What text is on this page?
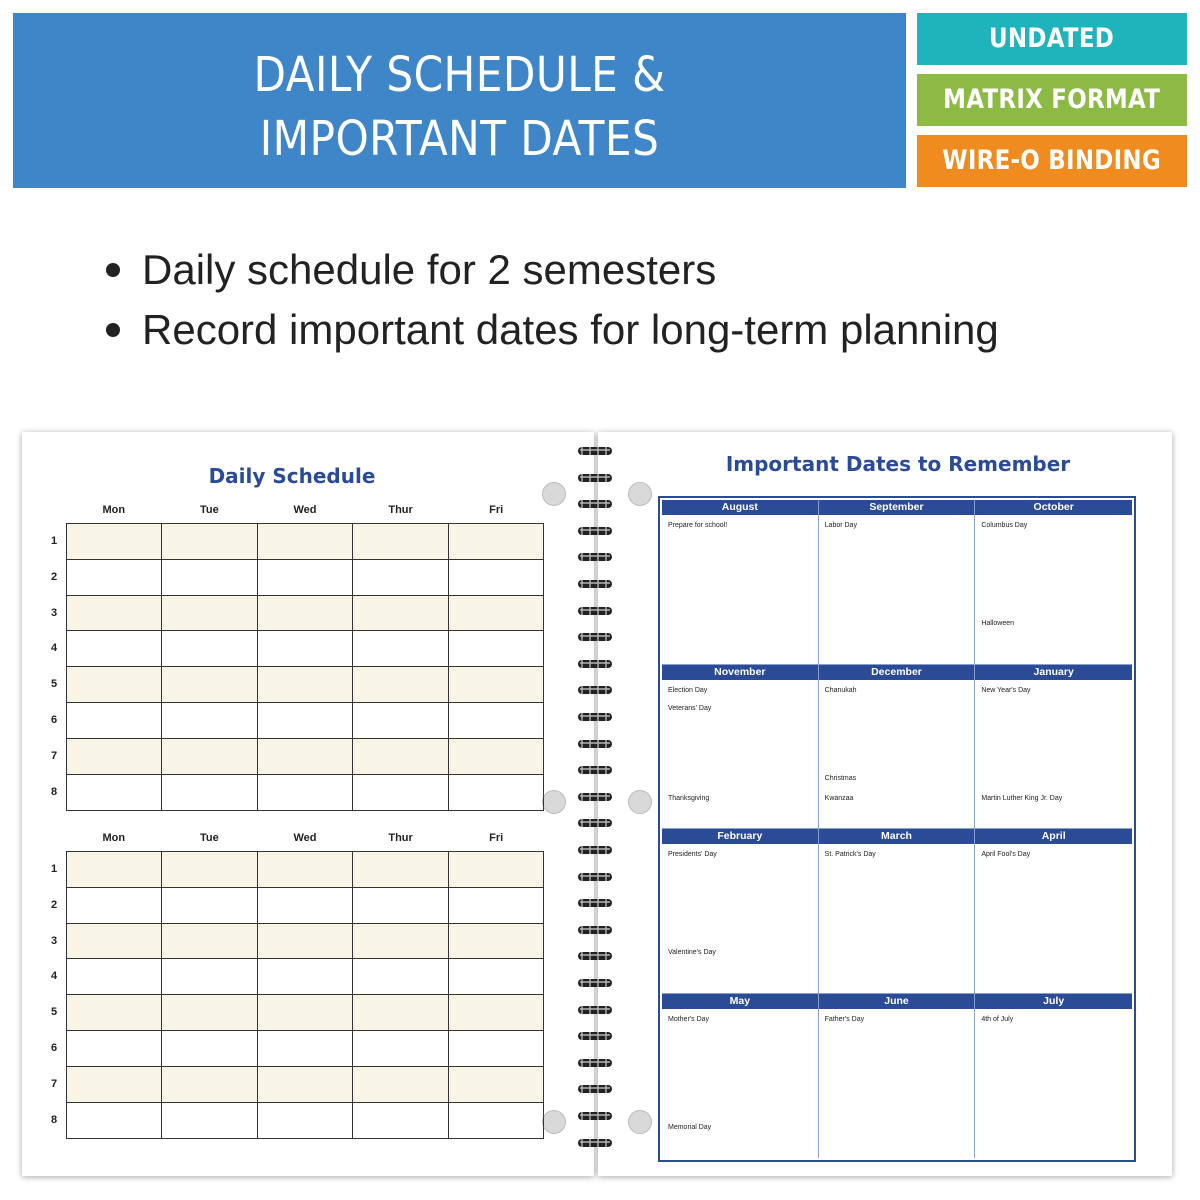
DAILY SCHEDULE &
IMPORTANT DATES
UNDATED
MATRIX FORMAT
WIRE-O BINDING
Daily schedule for 2 semesters
Record important dates for long-term planning
Daily Schedule
Mon	Tue	Wed	Thur	Fri
1
2
3
4
5
6
7
8
Mon	Tue	Wed	Thur	Fri
1
2
3
4
5
6
7
8
Important Dates to Remember
August
Prepare for school!
September
Labor Day
October
Columbus Day
Halloween
November
Election Day
Veterans' Day
Thanksgiving
December
Chanukah
Christmas
Kwanzaa
January
New Year's Day
Martin Luther King Jr. Day
February
Presidents' Day
Valentine's Day
March
St. Patrick's Day
April
April Fool's Day
May
Mother's Day
Memorial Day
June
Father's Day
July
4th of July
